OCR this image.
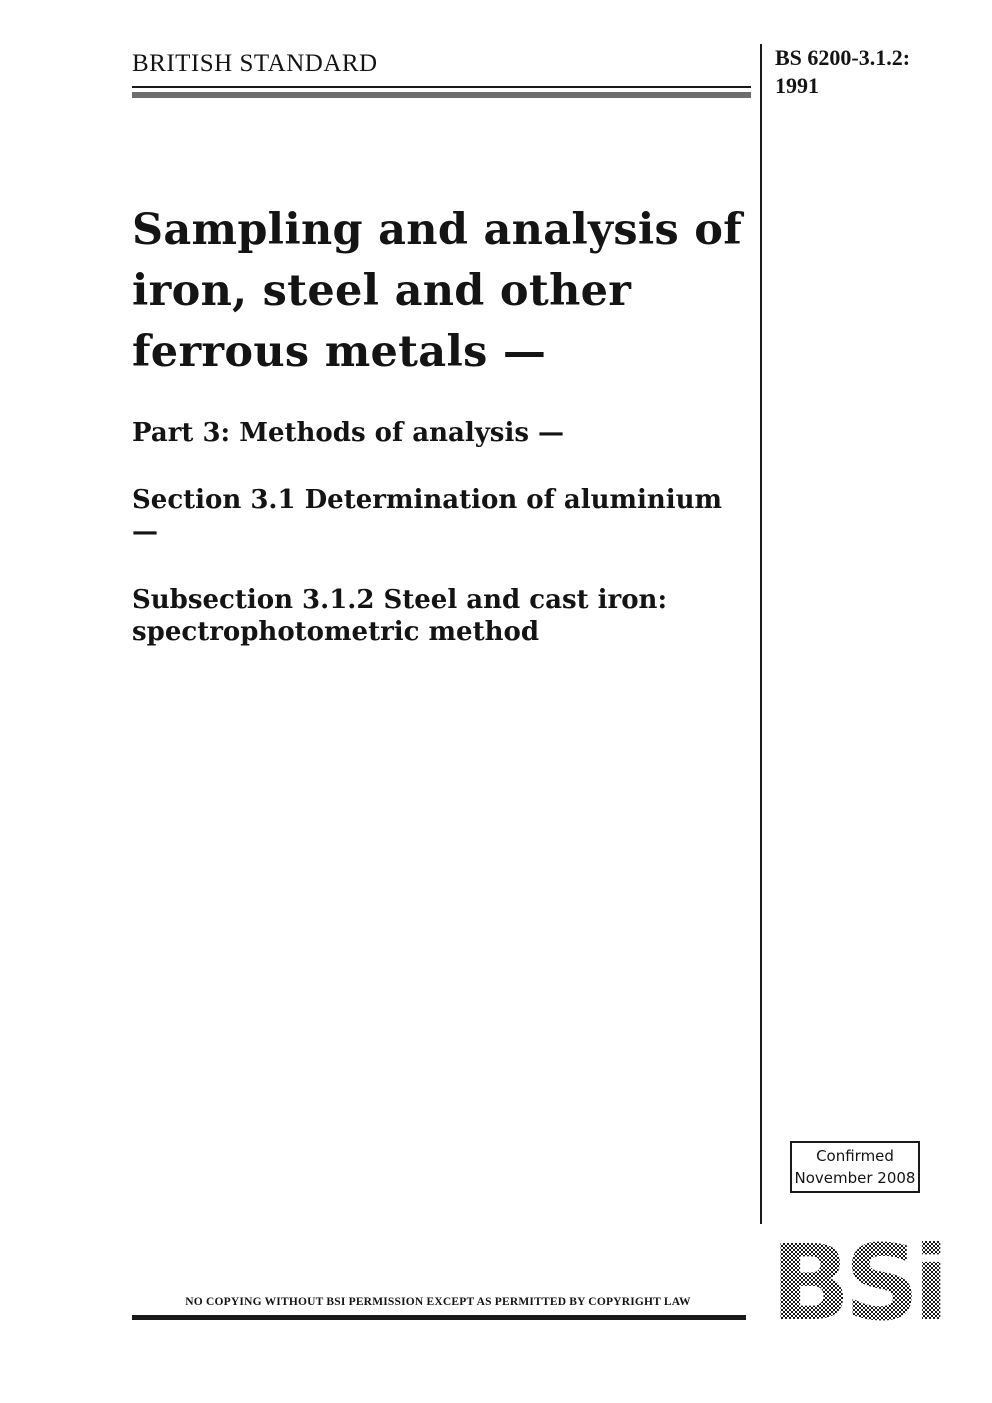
BRITISH STANDARD	BS 6200-3.1.2:
1991
Sampling and analysis of iron, steel and other ferrous metals —
Part 3: Methods of analysis —
Section 3.1 Determination of aluminium —
Subsection 3.1.2 Steel and cast iron: spectrophotometric method
Confirmed
November 2008
NO COPYING WITHOUT BSI PERMISSION EXCEPT AS PERMITTED BY COPYRIGHT LAW BSi
